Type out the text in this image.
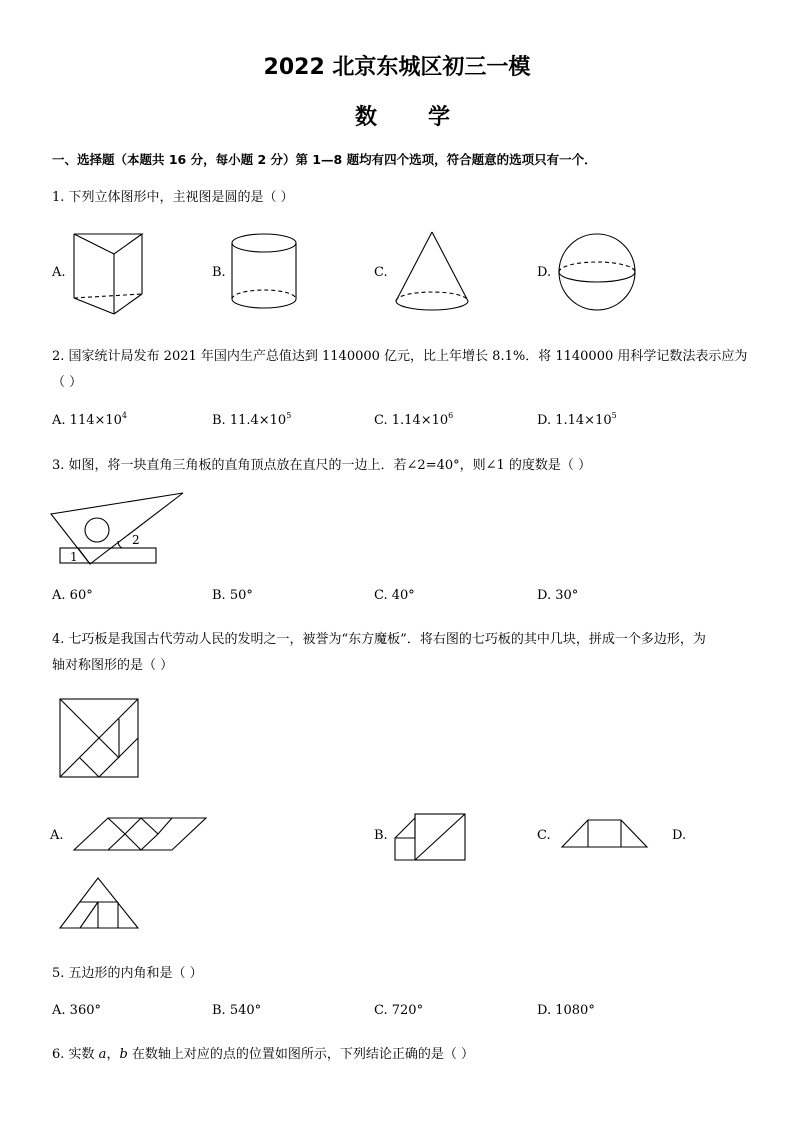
2022 北京东城区初三一模
数 学
一、选择题（本题共 16 分，每小题 2 分）第 1—8 题均有四个选项，符合题意的选项只有一个．
1. 下列立体图形中，主视图是圆的是（ ）
A.	B.	C.	D.
2. 国家统计局发布 2021 年国内生产总值达到 1140000 亿元，比上年增长 8.1%．将 1140000 用科学记数法表示应为
（ ）
A. $114\times 10^4$	B. $11.4\times 10^5$	C. $1.14\times 10^6$	D. $1.14\times 10^5$
3. 如图，将一块直角三角板的直角顶点放在直尺的一边上．若∠2=40°，则∠1 的度数是（ ）
1
2
A. 60°	B. 50°	C. 40°	D. 30°
4. 七巧板是我国古代劳动人民的发明之一，被誉为“东方魔板”．将右图的七巧板的其中几块，拼成一个多边形，为
轴对称图形的是（ ）
A.	B.	C.	D.
5. 五边形的内角和是（ ）
A. 360°	B. 540°	C. 720°	D. 1080°
6. 实数 a，b 在数轴上对应的点的位置如图所示，下列结论正确的是（ ）
